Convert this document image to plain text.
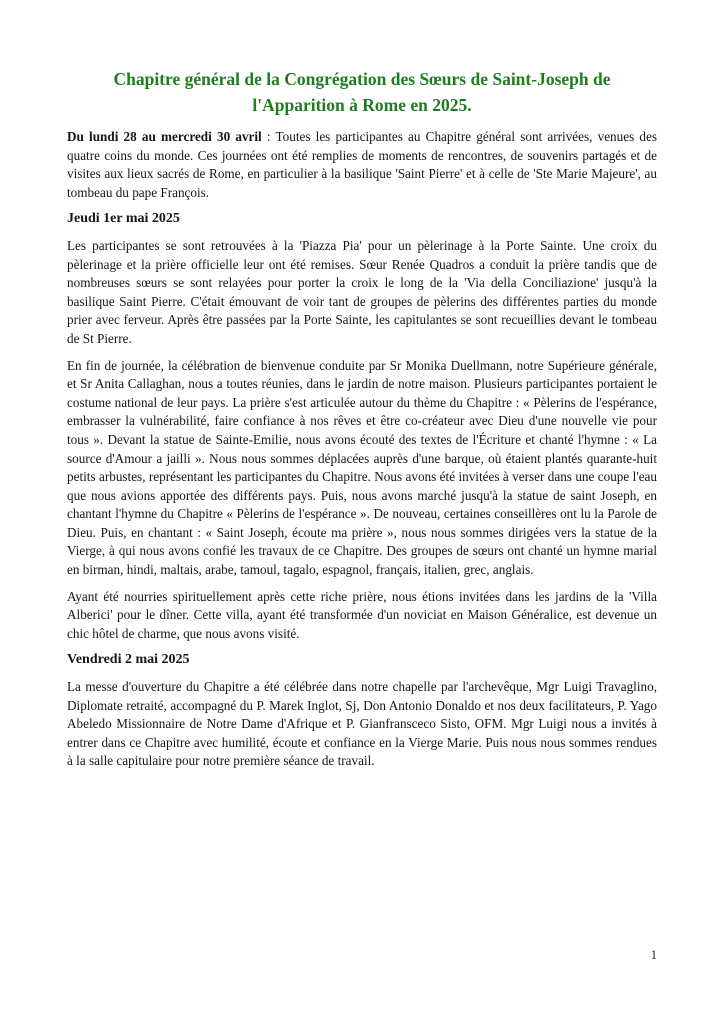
Chapitre général de la Congrégation des Sœurs de Saint-Joseph de
l'Apparition à Rome en 2025.

Du lundi 28 au mercredi 30 avril : Toutes les participantes au Chapitre général sont arrivées, venues des quatre coins du monde. Ces journées ont été remplies de moments de rencontres, de souvenirs partagés et de visites aux lieux sacrés de Rome, en particulier à la basilique 'Saint Pierre' et à celle de 'Ste Marie Majeure', au tombeau du pape François.

Jeudi 1er mai 2025

Les participantes se sont retrouvées à la 'Piazza Pia' pour un pèlerinage à la Porte Sainte. Une croix du pèlerinage et la prière officielle leur ont été remises. Sœur Renée Quadros a conduit la prière tandis que de nombreuses sœurs se sont relayées pour porter la croix le long de la 'Via della Conciliazione' jusqu'à la basilique Saint Pierre. C'était émouvant de voir tant de groupes de pèlerins des différentes parties du monde prier avec ferveur. Après être passées par la Porte Sainte, les capitulantes se sont recueillies devant le tombeau de St Pierre.

En fin de journée, la célébration de bienvenue conduite par Sr Monika Duellmann, notre Supérieure générale, et Sr Anita Callaghan, nous a toutes réunies, dans le jardin de notre maison. Plusieurs participantes portaient le costume national de leur pays. La prière s'est articulée autour du thème du Chapitre : « Pèlerins de l'espérance, embrasser la vulnérabilité, faire confiance à nos rêves et être co-créateur avec Dieu d'une nouvelle vie pour tous ». Devant la statue de Sainte-Emilie, nous avons écouté des textes de l'Écriture et chanté l'hymne : « La source d'Amour a jailli ». Nous nous sommes déplacées auprès d'une barque, où étaient plantés quarante-huit petits arbustes, représentant les participantes du Chapitre. Nous avons été invitées à verser dans une coupe l'eau que nous avions apportée des différents pays. Puis, nous avons marché jusqu'à la statue de saint Joseph, en chantant l'hymne du Chapitre « Pèlerins de l'espérance ». De nouveau, certaines conseillères ont lu la Parole de Dieu. Puis, en chantant : « Saint Joseph, écoute ma prière », nous nous sommes dirigées vers la statue de la Vierge, à qui nous avons confié les travaux de ce Chapitre. Des groupes de sœurs ont chanté un hymne marial en birman, hindi, maltais, arabe, tamoul, tagalo, espagnol, français, italien, grec, anglais.

Ayant été nourries spirituellement après cette riche prière, nous étions invitées dans les jardins de la 'Villa Alberici' pour le dîner. Cette villa, ayant été transformée d'un noviciat en Maison Généralice, est devenue un chic hôtel de charme, que nous avons visité.

Vendredi 2 mai 2025

La messe d'ouverture du Chapitre a été célébrée dans notre chapelle par l'archevêque, Mgr Luigi Travaglino, Diplomate retraité, accompagné du P. Marek Inglot, Sj, Don Antonio Donaldo et nos deux facilitateurs, P. Yago Abeledo Missionnaire de Notre Dame d'Afrique et P. Gianfransceco Sisto, OFM. Mgr Luigi nous a invités à entrer dans ce Chapitre avec humilité, écoute et confiance en la Vierge Marie. Puis nous nous sommes rendues à la salle capitulaire pour notre première séance de travail.

1
